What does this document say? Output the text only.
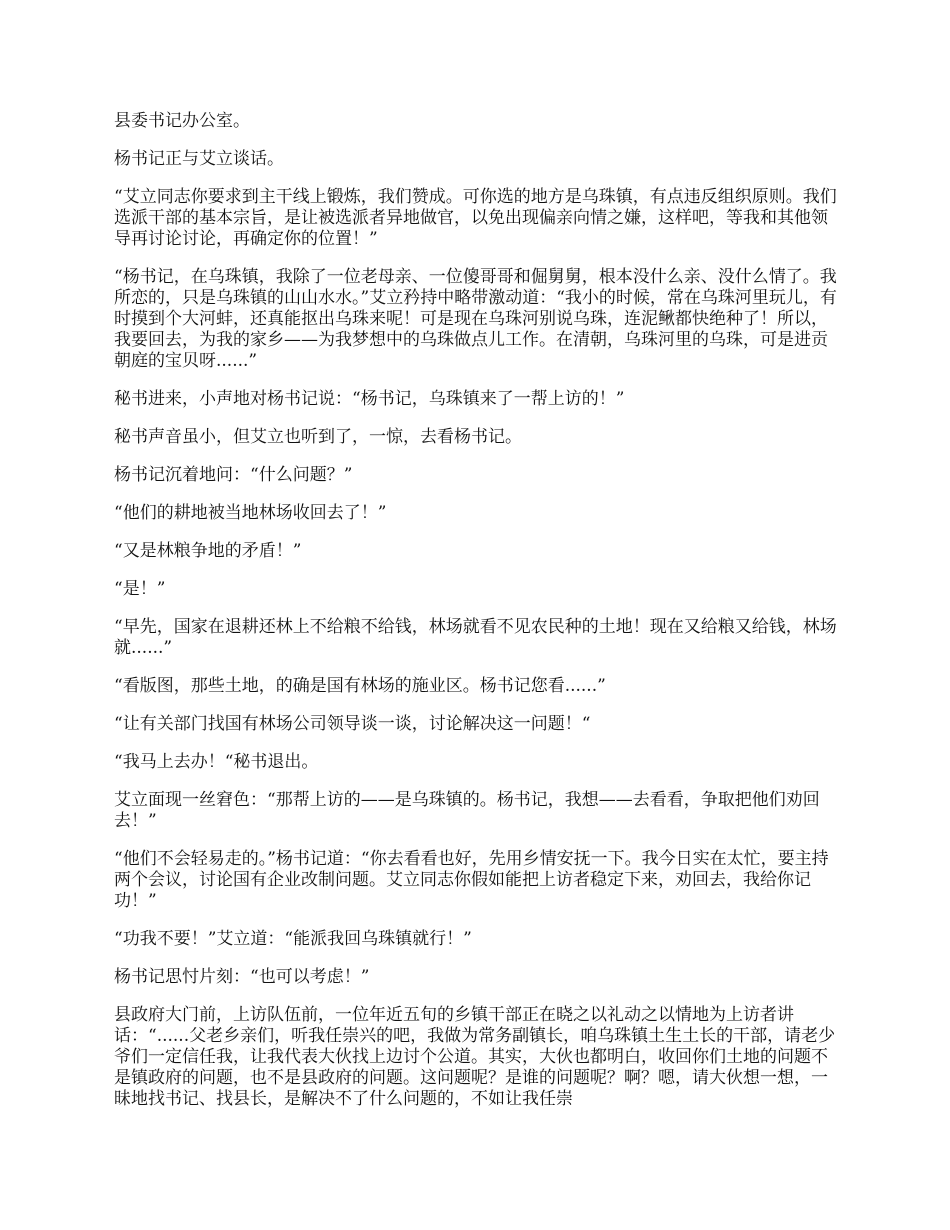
县委书记办公室。

杨书记正与艾立谈话。

“艾立同志你要求到主干线上锻炼，我们赞成。可你选的地方是乌珠镇，有点违反组织原则。我们选派干部的基本宗旨，是让被选派者异地做官，以免出现偏亲向情之嫌，这样吧，等我和其他领导再讨论讨论，再确定你的位置！”

“杨书记，在乌珠镇，我除了一位老母亲、一位傻哥哥和倔舅舅，根本没什么亲、没什么情了。我所恋的，只是乌珠镇的山山水水。”艾立矜持中略带激动道：“我小的时候，常在乌珠河里玩儿，有时摸到个大河蚌，还真能抠出乌珠来呢！可是现在乌珠河别说乌珠，连泥鳅都快绝种了！所以，我要回去，为我的家乡——为我梦想中的乌珠做点儿工作。在清朝，乌珠河里的乌珠，可是进贡朝庭的宝贝呀......”

秘书进来，小声地对杨书记说：“杨书记，乌珠镇来了一帮上访的！”

秘书声音虽小，但艾立也听到了，一惊，去看杨书记。

杨书记沉着地问：“什么问题？”

“他们的耕地被当地林场收回去了！”

“又是林粮争地的矛盾！”

“是！”

“早先，国家在退耕还林上不给粮不给钱，林场就看不见农民种的土地！现在又给粮又给钱，林场就......”

“看版图，那些土地，的确是国有林场的施业区。杨书记您看......”

“让有关部门找国有林场公司领导谈一谈，讨论解决这一问题！“

“我马上去办！“秘书退出。

艾立面现一丝窘色：“那帮上访的——是乌珠镇的。杨书记，我想——去看看，争取把他们劝回去！”

“他们不会轻易走的。”杨书记道：“你去看看也好，先用乡情安抚一下。我今日实在太忙，要主持两个会议，讨论国有企业改制问题。艾立同志你假如能把上访者稳定下来，劝回去，我给你记功！”

“功我不要！”艾立道：“能派我回乌珠镇就行！”

杨书记思忖片刻：“也可以考虑！”

县政府大门前，上访队伍前，一位年近五旬的乡镇干部正在晓之以礼动之以情地为上访者讲话：“......父老乡亲们，听我任崇兴的吧，我做为常务副镇长，咱乌珠镇土生土长的干部，请老少爷们一定信任我，让我代表大伙找上边讨个公道。其实，大伙也都明白，收回你们土地的问题不是镇政府的问题，也不是县政府的问题。这问题呢？是谁的问题呢？啊？嗯，请大伙想一想，一昧地找书记、找县长，是解决不了什么问题的，不如让我任崇
